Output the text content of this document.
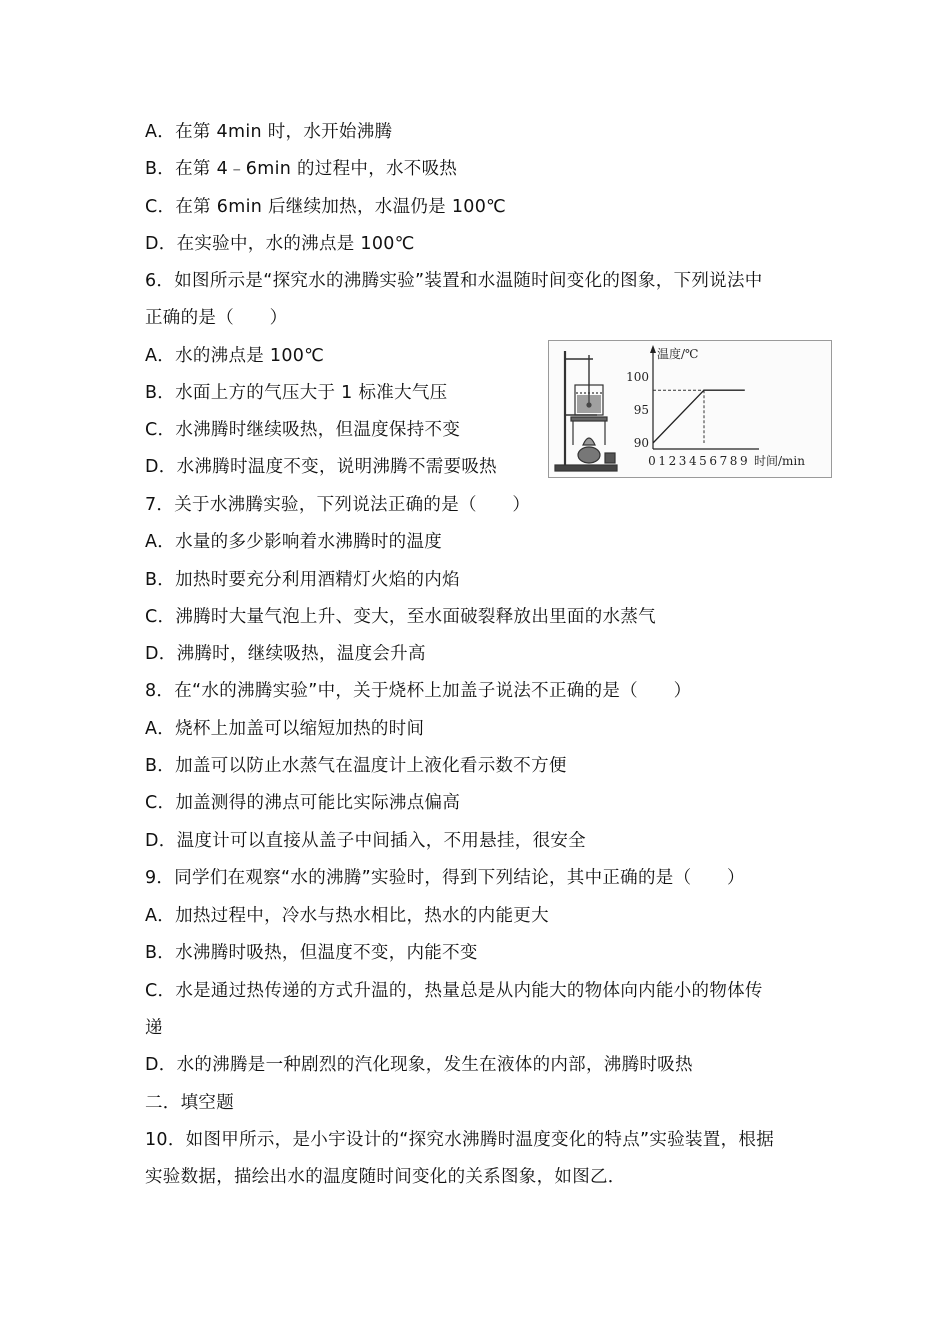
A．在第 4min 时，水开始沸腾
B．在第 4﹣6min 的过程中，水不吸热
C．在第 6min 后继续加热，水温仍是 100℃
D．在实验中，水的沸点是 100℃
6．如图所示是“探究水的沸腾实验”装置和水温随时间变化的图象，下列说法中
正确的是（　　）
A．水的沸点是 100℃
B．水面上方的气压大于 1 标准大气压
C．水沸腾时继续吸热，但温度保持不变
D．水沸腾时温度不变，说明沸腾不需要吸热
7．关于水沸腾实验，下列说法正确的是（　　）
A．水量的多少影响着水沸腾时的温度
B．加热时要充分利用酒精灯火焰的内焰
C．沸腾时大量气泡上升、变大，至水面破裂释放出里面的水蒸气
D．沸腾时，继续吸热，温度会升高
8．在“水的沸腾实验”中，关于烧杯上加盖子说法不正确的是（　　）
A．烧杯上加盖可以缩短加热的时间
B．加盖可以防止水蒸气在温度计上液化看示数不方便
C．加盖测得的沸点可能比实际沸点偏高
D．温度计可以直接从盖子中间插入，不用悬挂，很安全
9．同学们在观察“水的沸腾”实验时，得到下列结论，其中正确的是（　　）
A．加热过程中，冷水与热水相比，热水的内能更大
B．水沸腾时吸热，但温度不变，内能不变
C．水是通过热传递的方式升温的，热量总是从内能大的物体向内能小的物体传
递
D．水的沸腾是一种剧烈的汽化现象，发生在液体的内部，沸腾时吸热
二．填空题
10．如图甲所示，是小宇设计的“探究水沸腾时温度变化的特点”实验装置，根据
实验数据，描绘出水的温度随时间变化的关系图象，如图乙．
温度/℃
时间/min
100
95
90
0 1 2 3 4 5 6 7 8 9
